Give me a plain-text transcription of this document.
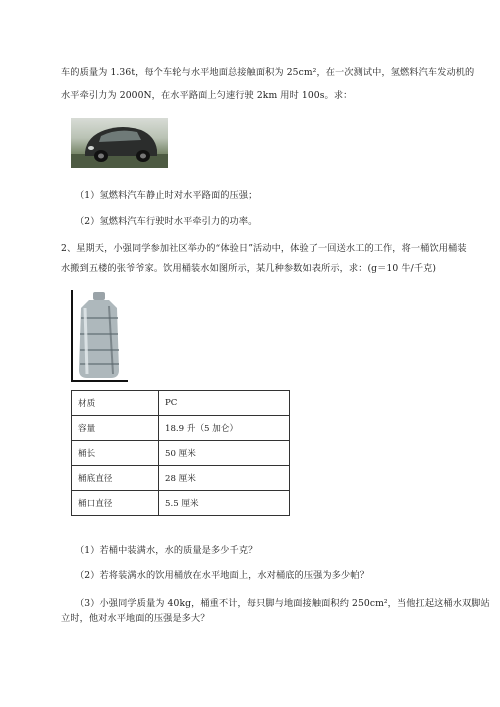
车的质量为 1.36t，每个车轮与水平地面总接触面积为 25cm²，在一次测试中，氢燃料汽车发动机的
水平牵引力为 2000N，在水平路面上匀速行驶 2km 用时 100s。求：
（1）氢燃料汽车静止时对水平路面的压强；
（2）氢燃料汽车行驶时水平牵引力的功率。
2、星期天，小强同学参加社区举办的“体验日”活动中，体验了一回送水工的工作，将一桶饮用桶装
水搬到五楼的张爷爷家。饮用桶装水如图所示，某几种参数如表所示，求：(g＝10 牛/千克)
材质	PC
容量	18.9 升（5 加仑）
桶长	50 厘米
桶底直径	28 厘米
桶口直径	5.5 厘米
（1）若桶中装满水，水的质量是多少千克？
（2）若将装满水的饮用桶放在水平地面上，水对桶底的压强为多少帕？
（3）小强同学质量为 40kg，桶重不计，每只脚与地面接触面积约 250cm²，当他扛起这桶水双脚站
立时，他对水平地面的压强是多大？
